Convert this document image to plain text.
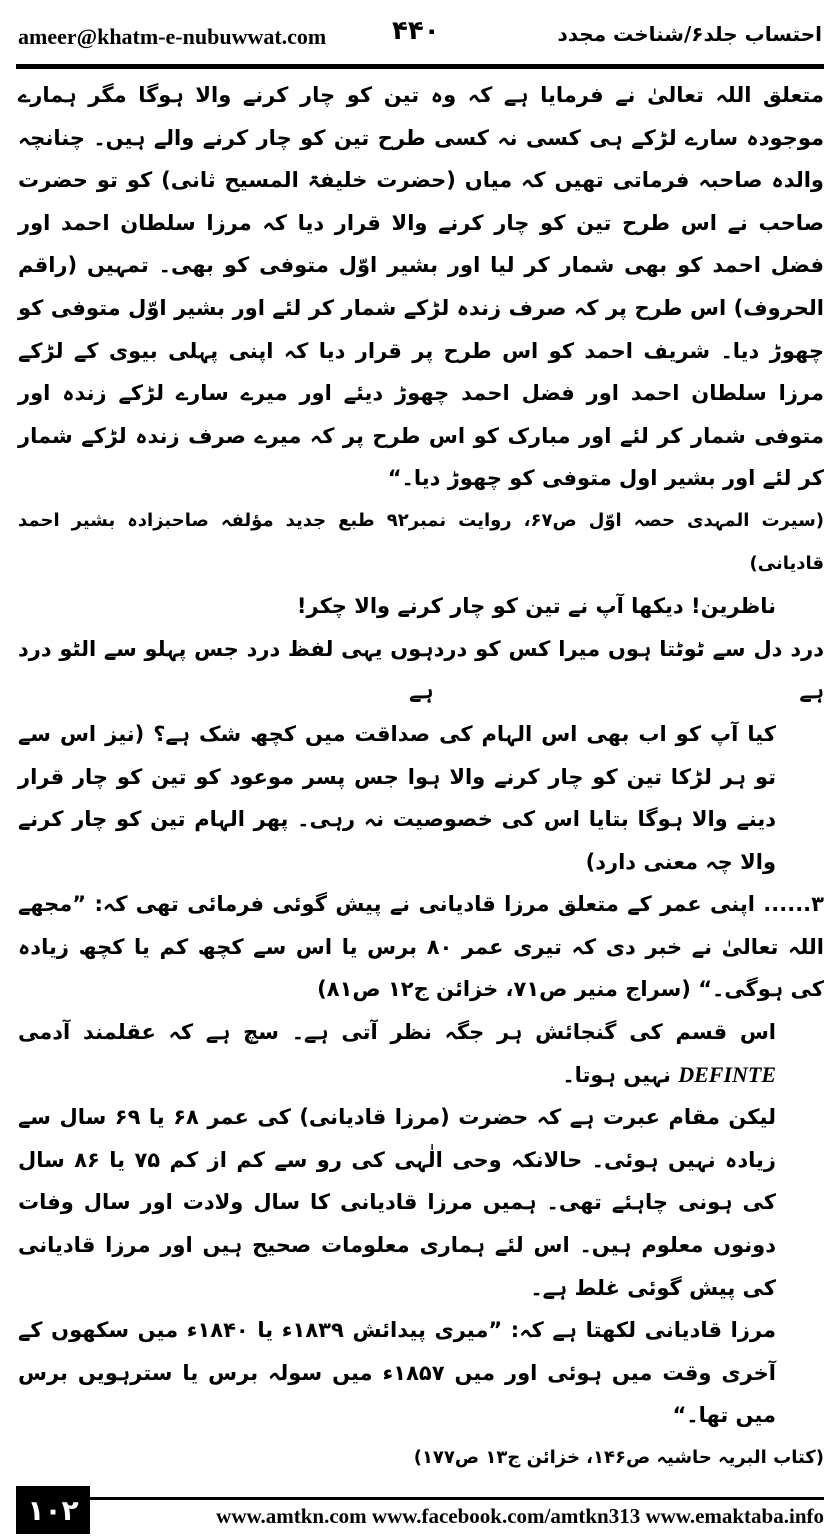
ameer@khatm-e-nubuwwat.com	۴۴۰	احتساب جلد۶/شناخت مجدد

متعلق اللہ تعالیٰ نے فرمایا ہے کہ وہ تین کو چار کرنے والا ہوگا مگر ہمارے موجودہ سارے لڑکے ہی کسی نہ کسی طرح تین کو چار کرنے والے ہیں۔ چنانچہ والدہ صاحبہ فرماتی تھیں کہ میاں (حضرت خلیفۃ المسیح ثانی) کو تو حضرت صاحب نے اس طرح تین کو چار کرنے والا قرار دیا کہ مرزا سلطان احمد اور فضل احمد کو بھی شمار کر لیا اور بشیر اوّل متوفی کو بھی۔ تمہیں (راقم الحروف) اس طرح پر کہ صرف زندہ لڑکے شمار کر لئے اور بشیر اوّل متوفی کو چھوڑ دیا۔ شریف احمد کو اس طرح پر قرار دیا کہ اپنی پہلی بیوی کے لڑکے مرزا سلطان احمد اور فضل احمد چھوڑ دیئے اور میرے سارے لڑکے زندہ اور متوفی شمار کر لئے اور مبارک کو اس طرح پر کہ میرے صرف زندہ لڑکے شمار کر لئے اور بشیر اول متوفی کو چھوڑ دیا۔“

(سیرت المہدی حصہ اوّل ص۶۷، روایت نمبر۹۲ طبع جدید مؤلفہ صاحبزادہ بشیر احمد قادیانی)

ناظرین! دیکھا آپ نے تین کو چار کرنے والا چکر!

درد دل سے ٹوٹتا ہوں میرا کس کو درد ہے
ہوں یہی لفظ درد جس پہلو سے الٹو درد ہے

کیا آپ کو اب بھی اس الہام کی صداقت میں کچھ شک ہے؟ (نیز اس سے تو ہر لڑکا تین کو چار کرنے والا ہوا جس پسر موعود کو تین کو چار قرار دینے والا ہوگا بتایا اس کی خصوصیت نہ رہی۔ پھر الہام تین کو چار کرنے والا چہ معنی دارد)

۳...... اپنی عمر کے متعلق مرزا قادیانی نے پیش گوئی فرمائی تھی کہ: ”مجھے اللہ تعالیٰ نے خبر دی کہ تیری عمر ۸۰ برس یا اس سے کچھ کم یا کچھ زیادہ کی ہوگی۔“ (سراج منیر ص۷۱، خزائن ج۱۲ ص۸۱)

اس قسم کی گنجائش ہر جگہ نظر آتی ہے۔ سچ ہے کہ عقلمند آدمی DEFINTE نہیں ہوتا۔

لیکن مقام عبرت ہے کہ حضرت (مرزا قادیانی) کی عمر ۶۸ یا ۶۹ سال سے زیادہ نہیں ہوئی۔ حالانکہ وحی الٰہی کی رو سے کم از کم ۷۵ یا ۸۶ سال کی ہونی چاہئے تھی۔ ہمیں مرزا قادیانی کا سال ولادت اور سال وفات دونوں معلوم ہیں۔ اس لئے ہماری معلومات صحیح ہیں اور مرزا قادیانی کی پیش گوئی غلط ہے۔

مرزا قادیانی لکھتا ہے کہ: ”میری پیدائش ۱۸۳۹ء یا ۱۸۴۰ء میں سکھوں کے آخری وقت میں ہوئی اور میں ۱۸۵۷ء میں سولہ برس یا سترہویں برس میں تھا۔“

(کتاب البریہ حاشیہ ص۱۴۶، خزائن ج۱۳ ص۱۷۷)

۱۰۲	www.amtkn.com www.facebook.com/amtkn313 www.emaktaba.info
